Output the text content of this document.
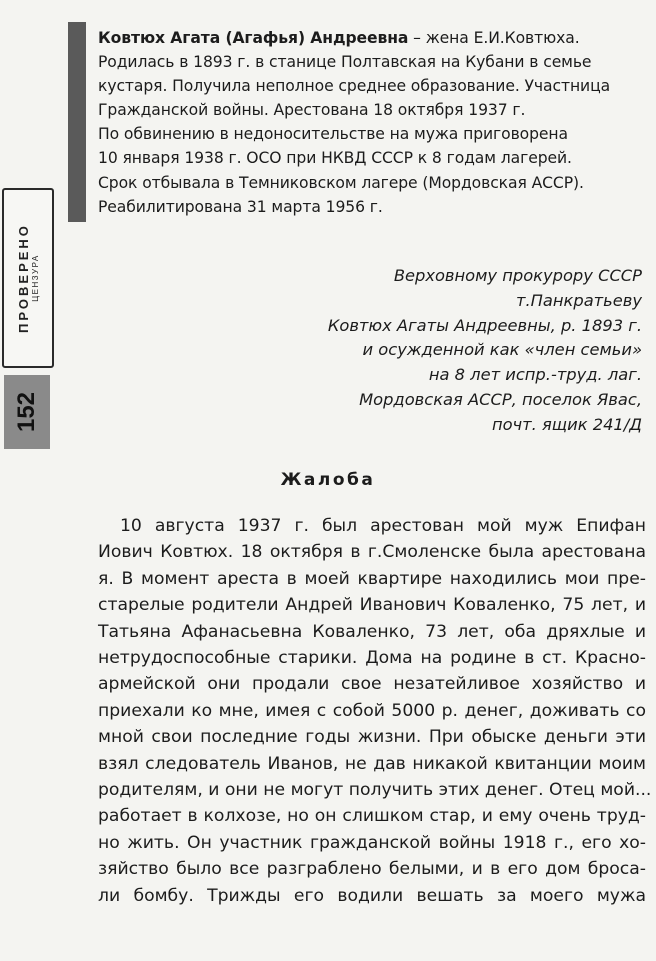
ПРОВЕРЕНО ЦЕНЗУРА
152
Ковтюх Агата (Агафья) Андреевна – жена Е.И.Ковтюха.
Родилась в 1893 г. в станице Полтавская на Кубани в семье
кустаря. Получила неполное среднее образование. Участница
Гражданской войны. Арестована 18 октября 1937 г.
По обвинению в недоносительстве на мужа приговорена
10 января 1938 г. ОСО при НКВД СССР к 8 годам лагерей.
Срок отбывала в Темниковском лагере (Мордовская АССР).
Реабилитирована 31 марта 1956 г.
Верховному прокурору СССР
т.Панкратьеву
Ковтюх Агаты Андреевны, р. 1893 г.
и осужденной как «член семьи»
на 8 лет испр.-труд. лаг.
Мордовская АССР, поселок Явас,
почт. ящик 241/Д
Жалоба
10 августа 1937 г. был арестован мой муж Епифан
Иович Ковтюх. 18 октября в г.Смоленске была арестована
я. В момент ареста в моей квартире находились мои пре-
старелые родители Андрей Иванович Коваленко, 75 лет, и
Татьяна Афанасьевна Коваленко, 73 лет, оба дряхлые и
нетрудоспособные старики. Дома на родине в ст. Красно-
армейской они продали свое незатейливое хозяйство и
приехали ко мне, имея с собой 5000 р. денег, доживать со
мной свои последние годы жизни. При обыске деньги эти
взял следователь Иванов, не дав никакой квитанции моим
родителям, и они не могут получить этих денег. Отец мой...
работает в колхозе, но он слишком стар, и ему очень труд-
но жить. Он участник гражданской войны 1918 г., его хо-
зяйство было все разграблено белыми, и в его дом броса-
ли бомбу. Трижды его водили вешать за моего мужа
